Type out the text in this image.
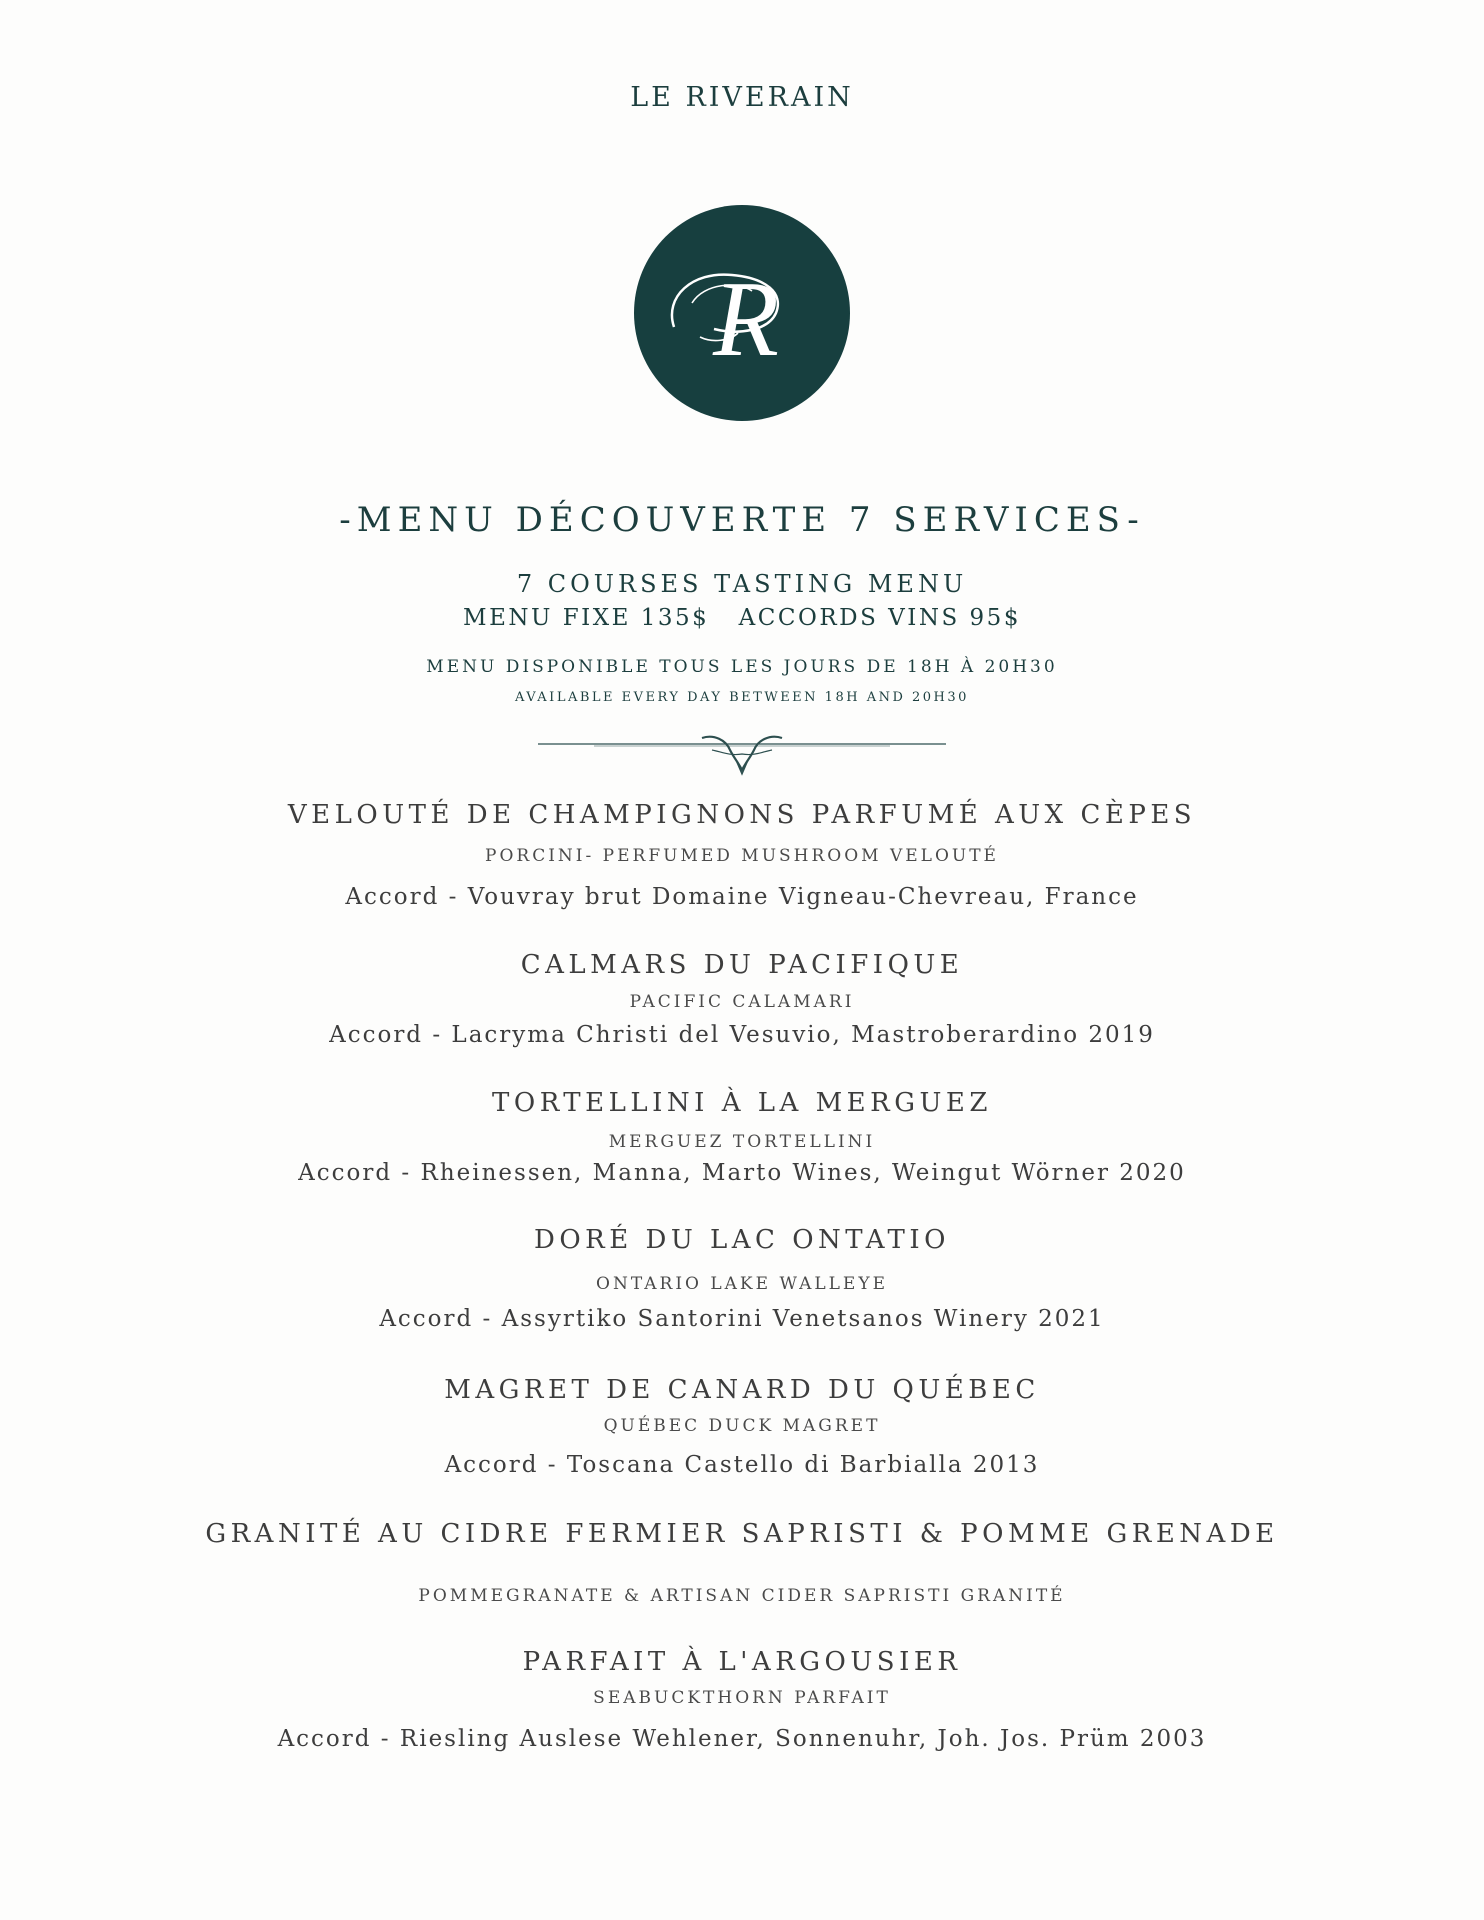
LE RIVERAIN
R
-MENU DÉCOUVERTE 7 SERVICES-
7 COURSES TASTING MENU
MENU FIXE 135$   ACCORDS VINS 95$
MENU DISPONIBLE TOUS LES JOURS DE 18H À 20H30
AVAILABLE EVERY DAY BETWEEN 18H AND 20H30
VELOUTÉ DE CHAMPIGNONS PARFUMÉ AUX CÈPES
PORCINI- PERFUMED MUSHROOM VELOUTÉ
Accord - Vouvray brut Domaine Vigneau-Chevreau, France
CALMARS DU PACIFIQUE
PACIFIC CALAMARI
Accord - Lacryma Christi del Vesuvio, Mastroberardino 2019
TORTELLINI À LA MERGUEZ
MERGUEZ TORTELLINI
Accord - Rheinessen, Manna, Marto Wines, Weingut Wörner 2020
DORÉ DU LAC ONTATIO
ONTARIO LAKE WALLEYE
Accord - Assyrtiko Santorini Venetsanos Winery 2021
MAGRET DE CANARD DU QUÉBEC
QUÉBEC DUCK MAGRET
Accord - Toscana Castello di Barbialla 2013
GRANITÉ AU CIDRE FERMIER SAPRISTI & POMME GRENADE
POMMEGRANATE & ARTISAN CIDER SAPRISTI GRANITÉ
PARFAIT À L'ARGOUSIER
SEABUCKTHORN PARFAIT
Accord - Riesling Auslese Wehlener, Sonnenuhr, Joh. Jos. Prüm 2003
